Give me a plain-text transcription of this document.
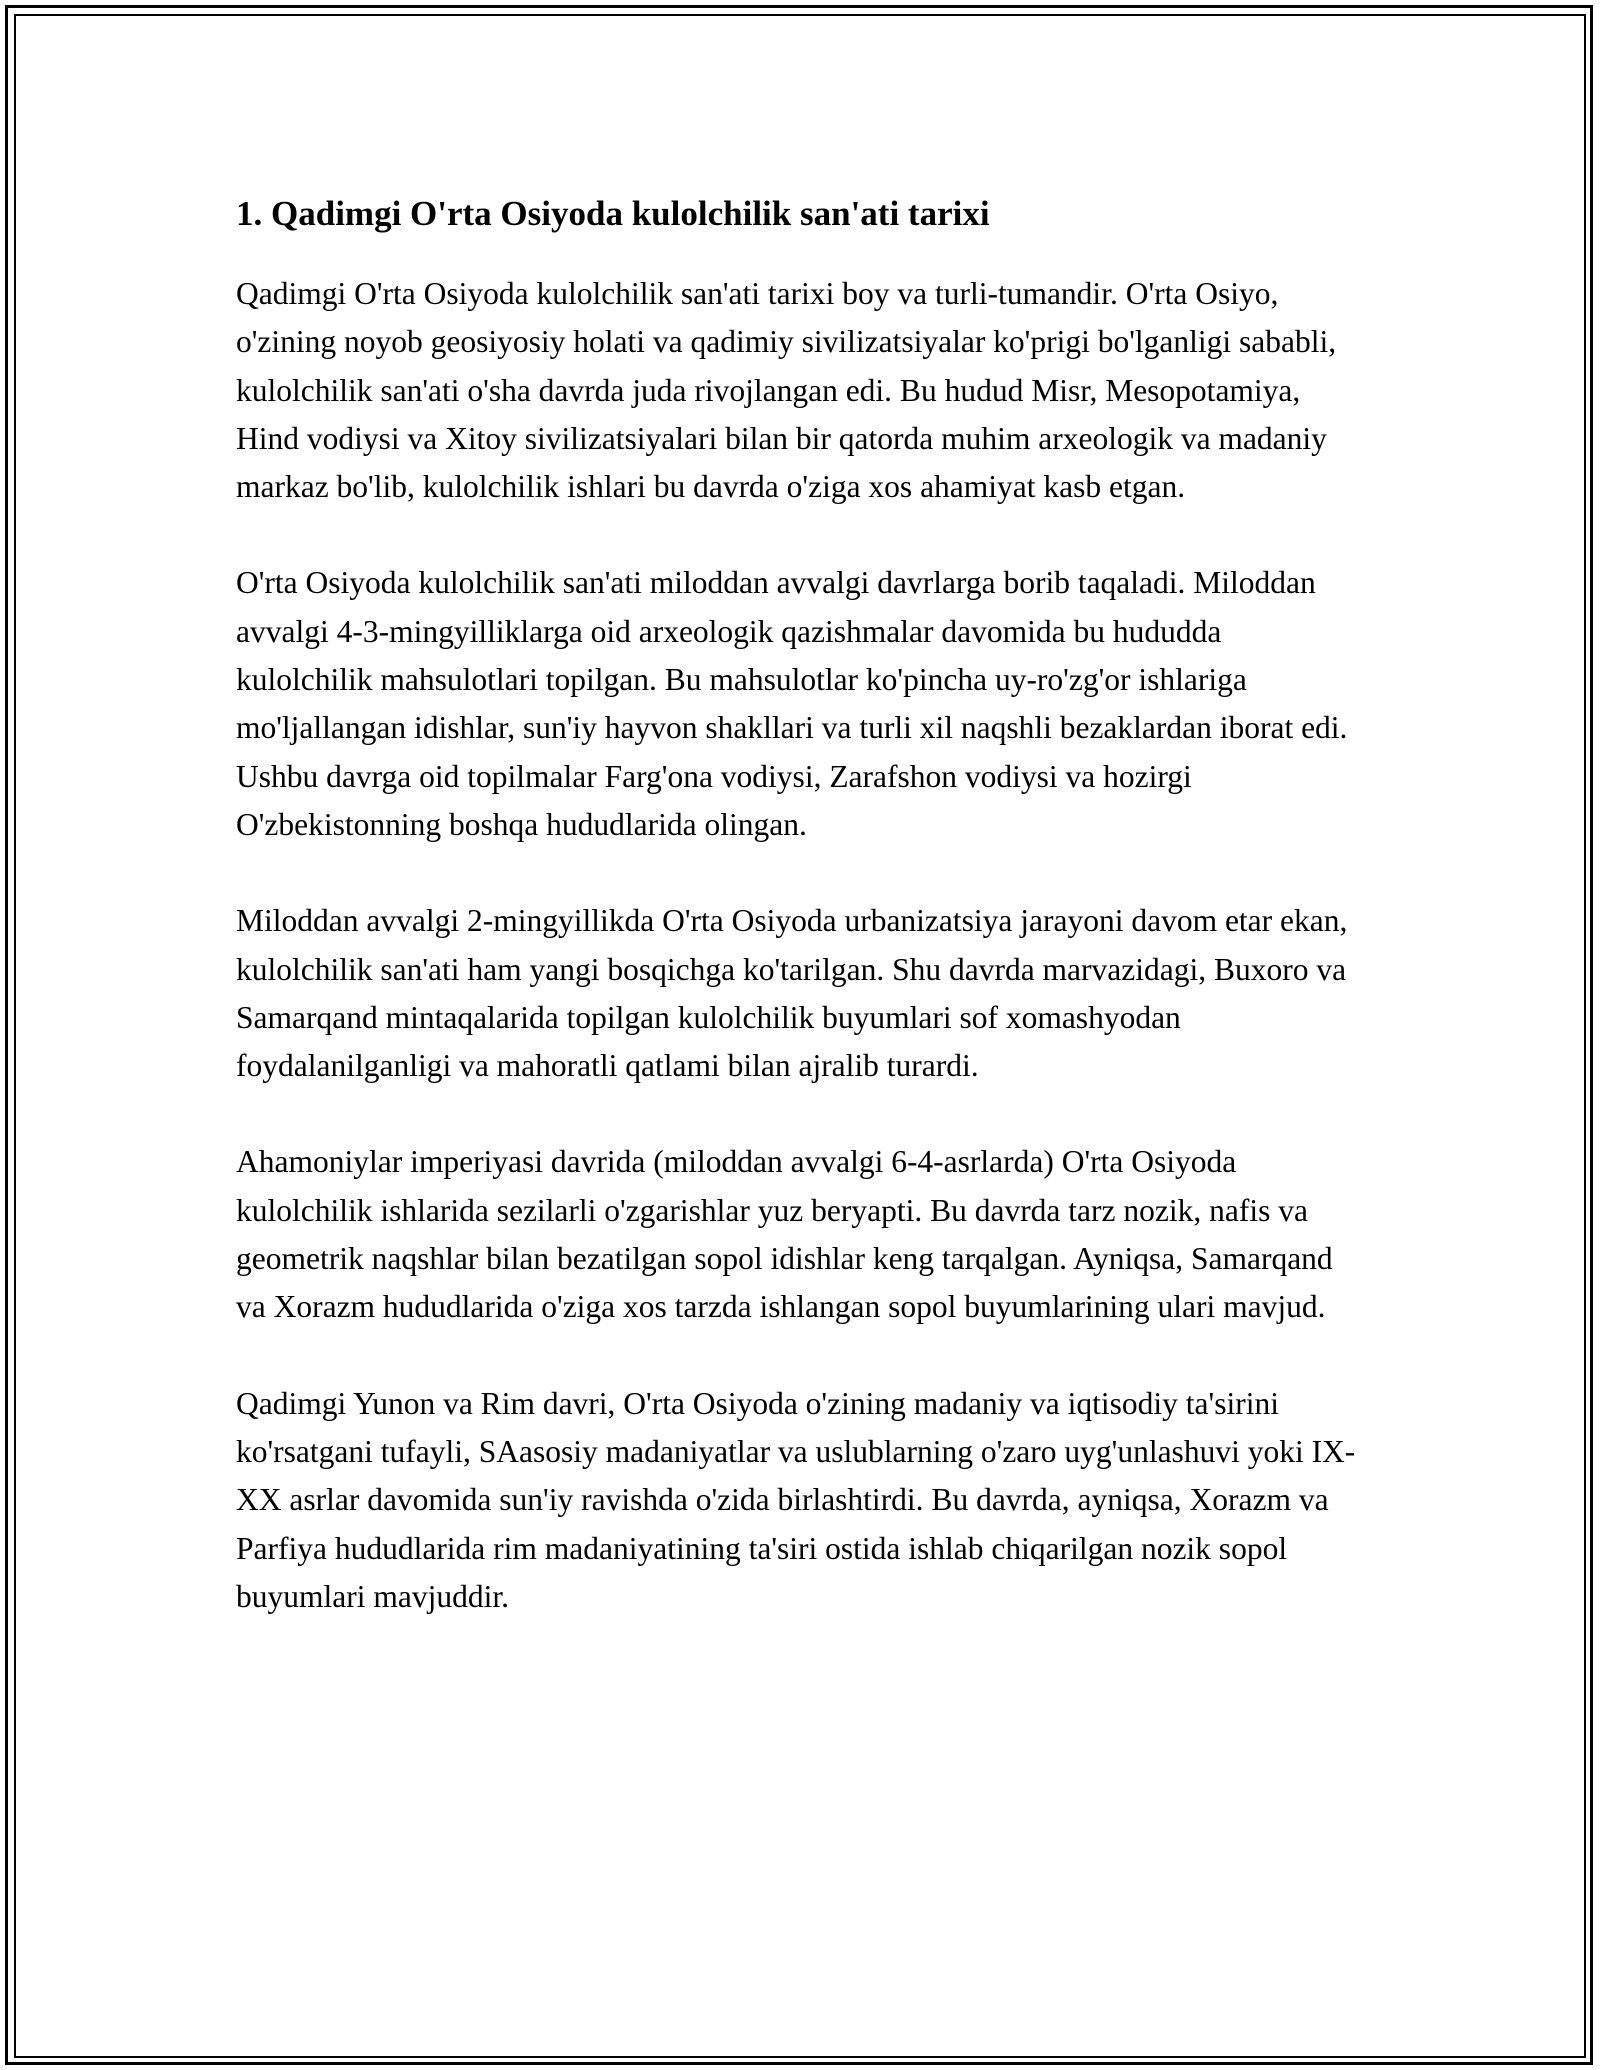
1. Qadimgi O'rta Osiyoda kulolchilik san'ati tarixi

Qadimgi O'rta Osiyoda kulolchilik san'ati tarixi boy va turli-tumandir. O'rta Osiyo, o'zining noyob geosiyosiy holati va qadimiy sivilizatsiyalar ko'prigi bo'lganligi sababli, kulolchilik san'ati o'sha davrda juda rivojlangan edi. Bu hudud Misr, Mesopotamiya, Hind vodiysi va Xitoy sivilizatsiyalari bilan bir qatorda muhim arxeologik va madaniy markaz bo'lib, kulolchilik ishlari bu davrda o'ziga xos ahamiyat kasb etgan.

O'rta Osiyoda kulolchilik san'ati miloddan avvalgi davrlarga borib taqaladi. Miloddan avvalgi 4-3-mingyilliklarga oid arxeologik qazishmalar davomida bu hududda kulolchilik mahsulotlari topilgan. Bu mahsulotlar ko'pincha uy-ro'zg'or ishlariga mo'ljallangan idishlar, sun'iy hayvon shakllari va turli xil naqshli bezaklardan iborat edi. Ushbu davrga oid topilmalar Farg'ona vodiysi, Zarafshon vodiysi va hozirgi O'zbekistonning boshqa hududlarida olingan.

Miloddan avvalgi 2-mingyillikda O'rta Osiyoda urbanizatsiya jarayoni davom etar ekan, kulolchilik san'ati ham yangi bosqichga ko'tarilgan. Shu davrda marvazidagi, Buxoro va Samarqand mintaqalarida topilgan kulolchilik buyumlari sof xomashyodan foydalanilganligi va mahoratli qatlami bilan ajralib turardi.

Ahamoniylar imperiyasi davrida (miloddan avvalgi 6-4-asrlarda) O'rta Osiyoda kulolchilik ishlarida sezilarli o'zgarishlar yuz beryapti. Bu davrda tarz nozik, nafis va geometrik naqshlar bilan bezatilgan sopol idishlar keng tarqalgan. Ayniqsa, Samarqand va Xorazm hududlarida o'ziga xos tarzda ishlangan sopol buyumlarining ulari mavjud.

Qadimgi Yunon va Rim davri, O'rta Osiyoda o'zining madaniy va iqtisodiy ta'sirini ko'rsatgani tufayli, SAasosiy madaniyatlar va uslublarning o'zaro uyg'unlashuvi yoki IX-XX asrlar davomida sun'iy ravishda o'zida birlashtirdi. Bu davrda, ayniqsa, Xorazm va Parfiya hududlarida rim madaniyatining ta'siri ostida ishlab chiqarilgan nozik sopol buyumlari mavjuddir.
